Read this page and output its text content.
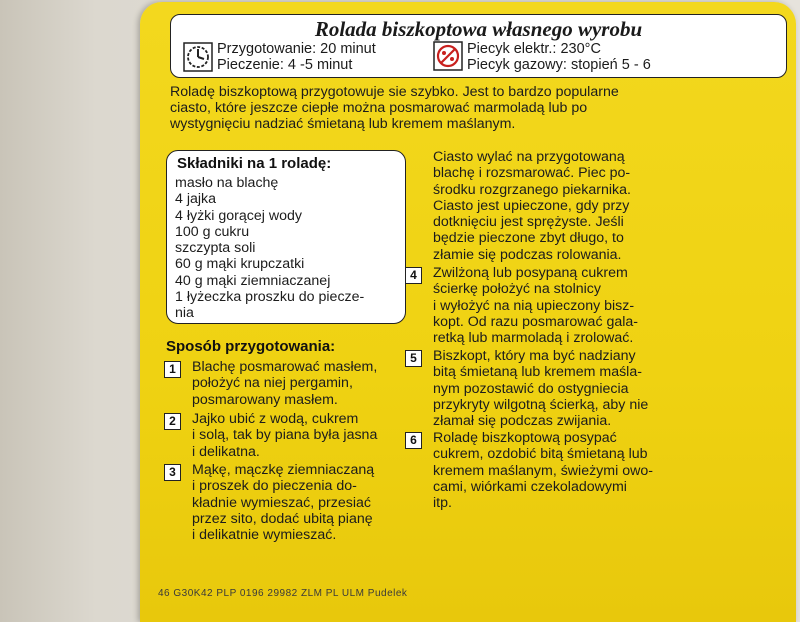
Rolada biszkoptowa własnego wyrobu
Przygotowanie: 20 minut
Pieczenie: 4 -5 minut
Piecyk elektr.: 230°C
Piecyk gazowy: stopień 5 - 6

Roladę biszkoptową przygotowuje sie szybko. Jest to bardzo popularne
ciasto, które jeszcze ciepłe można posmarować marmoladą lub po
wystygnięciu nadziać śmietaną lub kremem maślanym.

Składniki na 1 roladę:
masło na blachę
4 jajka
4 łyżki gorącej wody
100 g cukru
szczypta soli
60 g mąki krupczatki
40 g mąki ziemniaczanej
1 łyżeczka proszku do piecze-
nia
Sposób przygotowania:
1	Blachę posmarować masłem,
położyć na niej pergamin,
posmarowany masłem.

2	Jajko ubić z wodą, cukrem
i solą, tak by piana była jasna
i delikatna.

3	Mąkę, mączkę ziemniaczaną
i proszek do pieczenia do-
kładnie wymieszać, przesiać
przez sito, dodać ubitą pianę
i delikatnie wymieszać.

Ciasto wylać na przygotowaną
blachę i rozsmarować. Piec po-
środku rozgrzanego piekarnika.
Ciasto jest upieczone, gdy przy
dotknięciu jest sprężyste. Jeśli
będzie pieczone zbyt długo, to
złamie się podczas rolowania.

4	Zwilżoną lub posypaną cukrem
ścierkę położyć na stolnicy
i wyłożyć na nią upieczony bisz-
kopt. Od razu posmarować gala-
retką lub marmoladą i zrolować.

5	Biszkopt, który ma być nadziany
bitą śmietaną lub kremem maśla-
nym pozostawić do ostygniecia
przykryty wilgotną ścierką, aby nie
złamał się podczas zwijania.

6	Roladę biszkoptową posypać
cukrem, ozdobić bitą śmietaną lub
kremem maślanym, świeżymi owo-
cami, wiórkami czekoladowymi
itp.

46 G30K42 PLP 0196 29982 ZLM PL ULM Pudelek
